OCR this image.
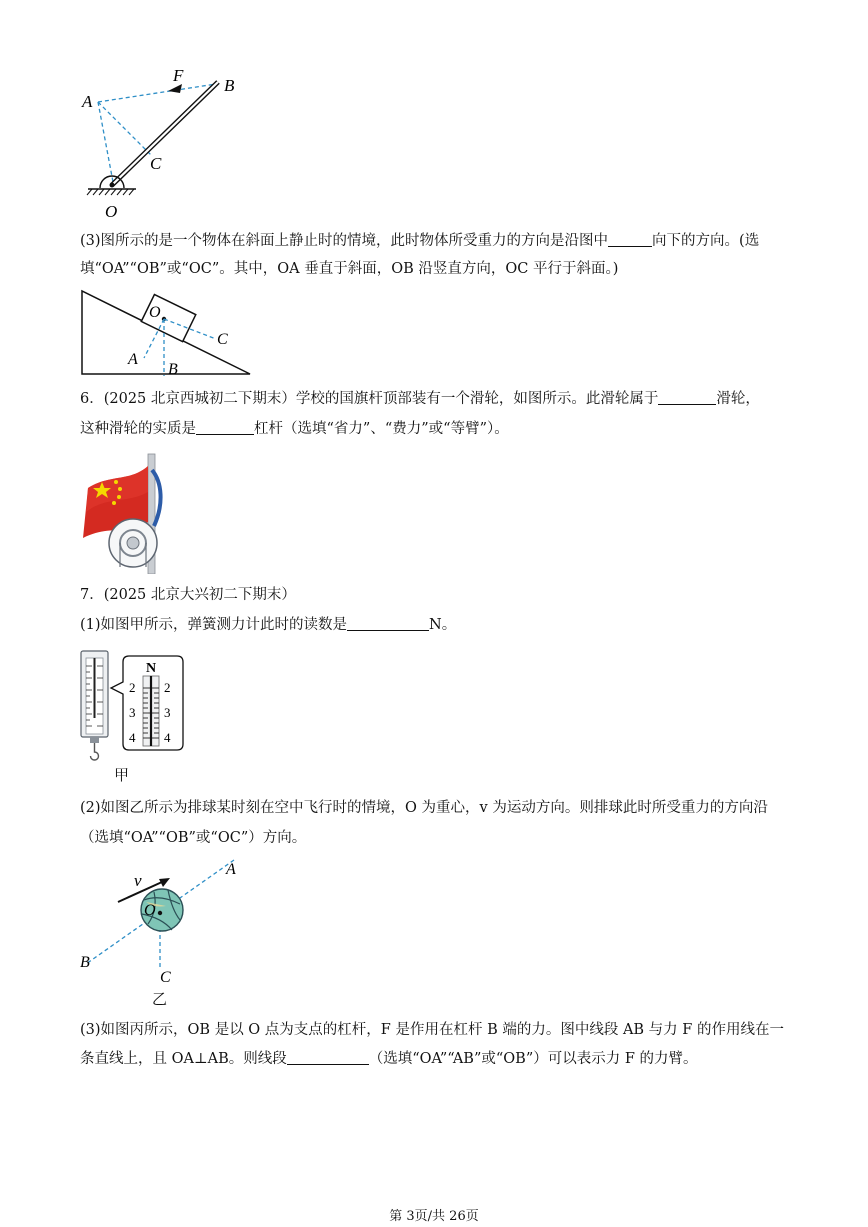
A
F
B
C
O
(3)图所示的是一个物体在斜面上静止时的情境，此时物体所受重力的方向是沿图中	向下的方向。(选
填“OA”“OB”或“OC”。其中，OA 垂直于斜面，OB 沿竖直方向，OC 平行于斜面。)
O
C
A
B
6．(2025 北京西城初二下期末）学校的国旗杆顶部装有一个滑轮，如图所示。此滑轮属于	滑轮，
这种滑轮的实质是	杠杆（选填“省力”、“费力”或“等臂”）。
7．(2025 北京大兴初二下期末）
(1)如图甲所示，弹簧测力计此时的读数是	N。
N
2
3
4
2
3
4
甲
(2)如图乙所示为排球某时刻在空中飞行时的情境，O 为重心，v 为运动方向。则排球此时所受重力的方向沿
（选填“OA”“OB”或“OC”）方向。
v
O
A
B
C
乙
(3)如图丙所示，OB 是以 O 点为支点的杠杆，F 是作用在杠杆 B 端的力。图中线段 AB 与力 F 的作用线在一
条直线上，且 OA⊥AB。则线段	（选填“OA”“AB”或“OB”）可以表示力 F 的力臂。
第 3页/共 26页
